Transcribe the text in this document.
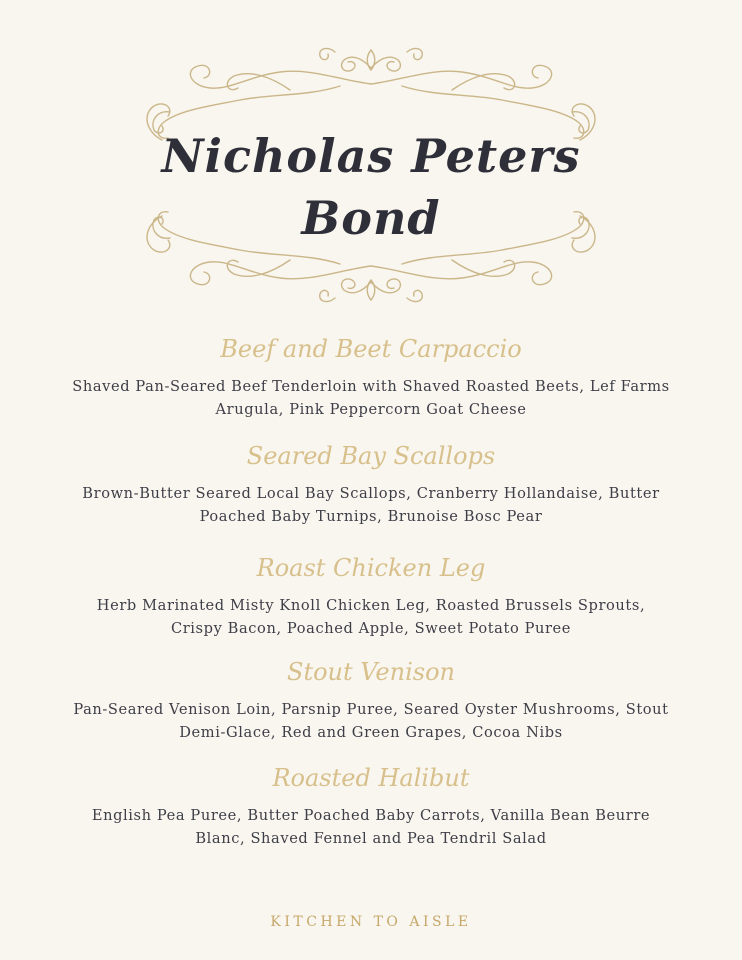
Nicholas Peters
Bond

Beef and Beet Carpaccio

Shaved Pan-Seared Beef Tenderloin with Shaved Roasted Beets, Lef Farms Arugula, Pink Peppercorn Goat Cheese

Seared Bay Scallops

Brown-Butter Seared Local Bay Scallops, Cranberry Hollandaise, Butter Poached Baby Turnips, Brunoise Bosc Pear

Roast Chicken Leg

Herb Marinated Misty Knoll Chicken Leg, Roasted Brussels Sprouts, Crispy Bacon, Poached Apple, Sweet Potato Puree

Stout Venison

Pan-Seared Venison Loin, Parsnip Puree, Seared Oyster Mushrooms, Stout Demi-Glace, Red and Green Grapes, Cocoa Nibs

Roasted Halibut

English Pea Puree, Butter Poached Baby Carrots, Vanilla Bean Beurre Blanc, Shaved Fennel and Pea Tendril Salad

KITCHEN TO AISLE
